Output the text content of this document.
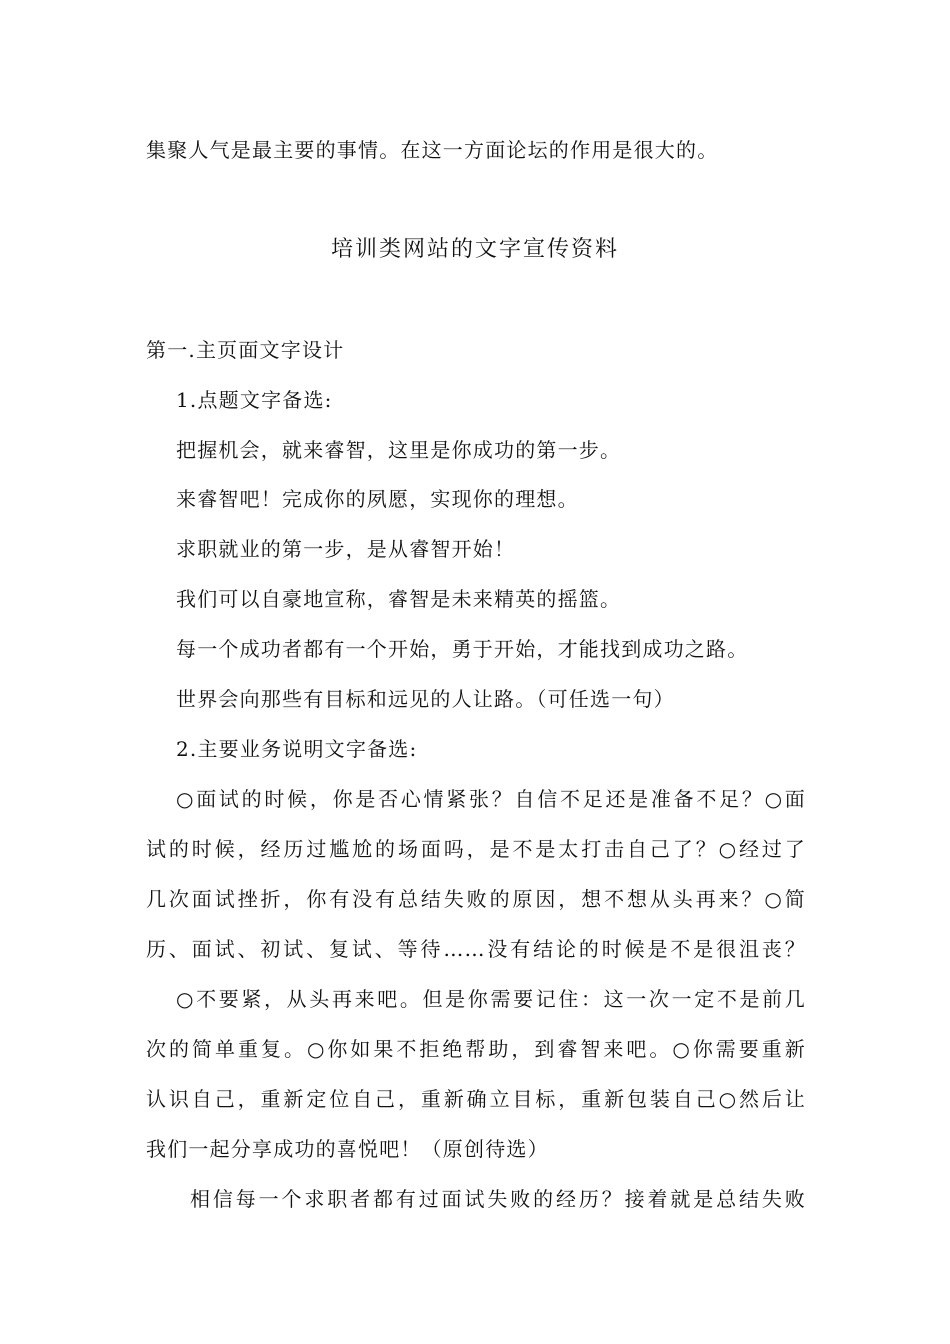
集聚人气是最主要的事情。在这一方面论坛的作用是很大的。
培训类网站的文字宣传资料
第一.主页面文字设计
1.点题文字备选:
把握机会，就来睿智，这里是你成功的第一步。
来睿智吧！完成你的夙愿，实现你的理想。
求职就业的第一步，是从睿智开始！
我们可以自豪地宣称，睿智是未来精英的摇篮。
每一个成功者都有一个开始，勇于开始，才能找到成功之路。
世界会向那些有目标和远见的人让路。（可任选一句）
2.主要业务说明文字备选:
○面试的时候，你是否心情紧张？自信不足还是准备不足？○面
试的时候，经历过尴尬的场面吗，是不是太打击自己了？○经过了
几次面试挫折，你有没有总结失败的原因，想不想从头再来？○简
历、面试、初试、复试、等待……没有结论的时候是不是很沮丧？
○不要紧，从头再来吧。但是你需要记住：这一次一定不是前几
次的简单重复。○你如果不拒绝帮助，到睿智来吧。○你需要重新
认识自己，重新定位自己，重新确立目标，重新包装自己○然后让
我们一起分享成功的喜悦吧！（原创待选）
相信每一个求职者都有过面试失败的经历？接着就是总结失败
